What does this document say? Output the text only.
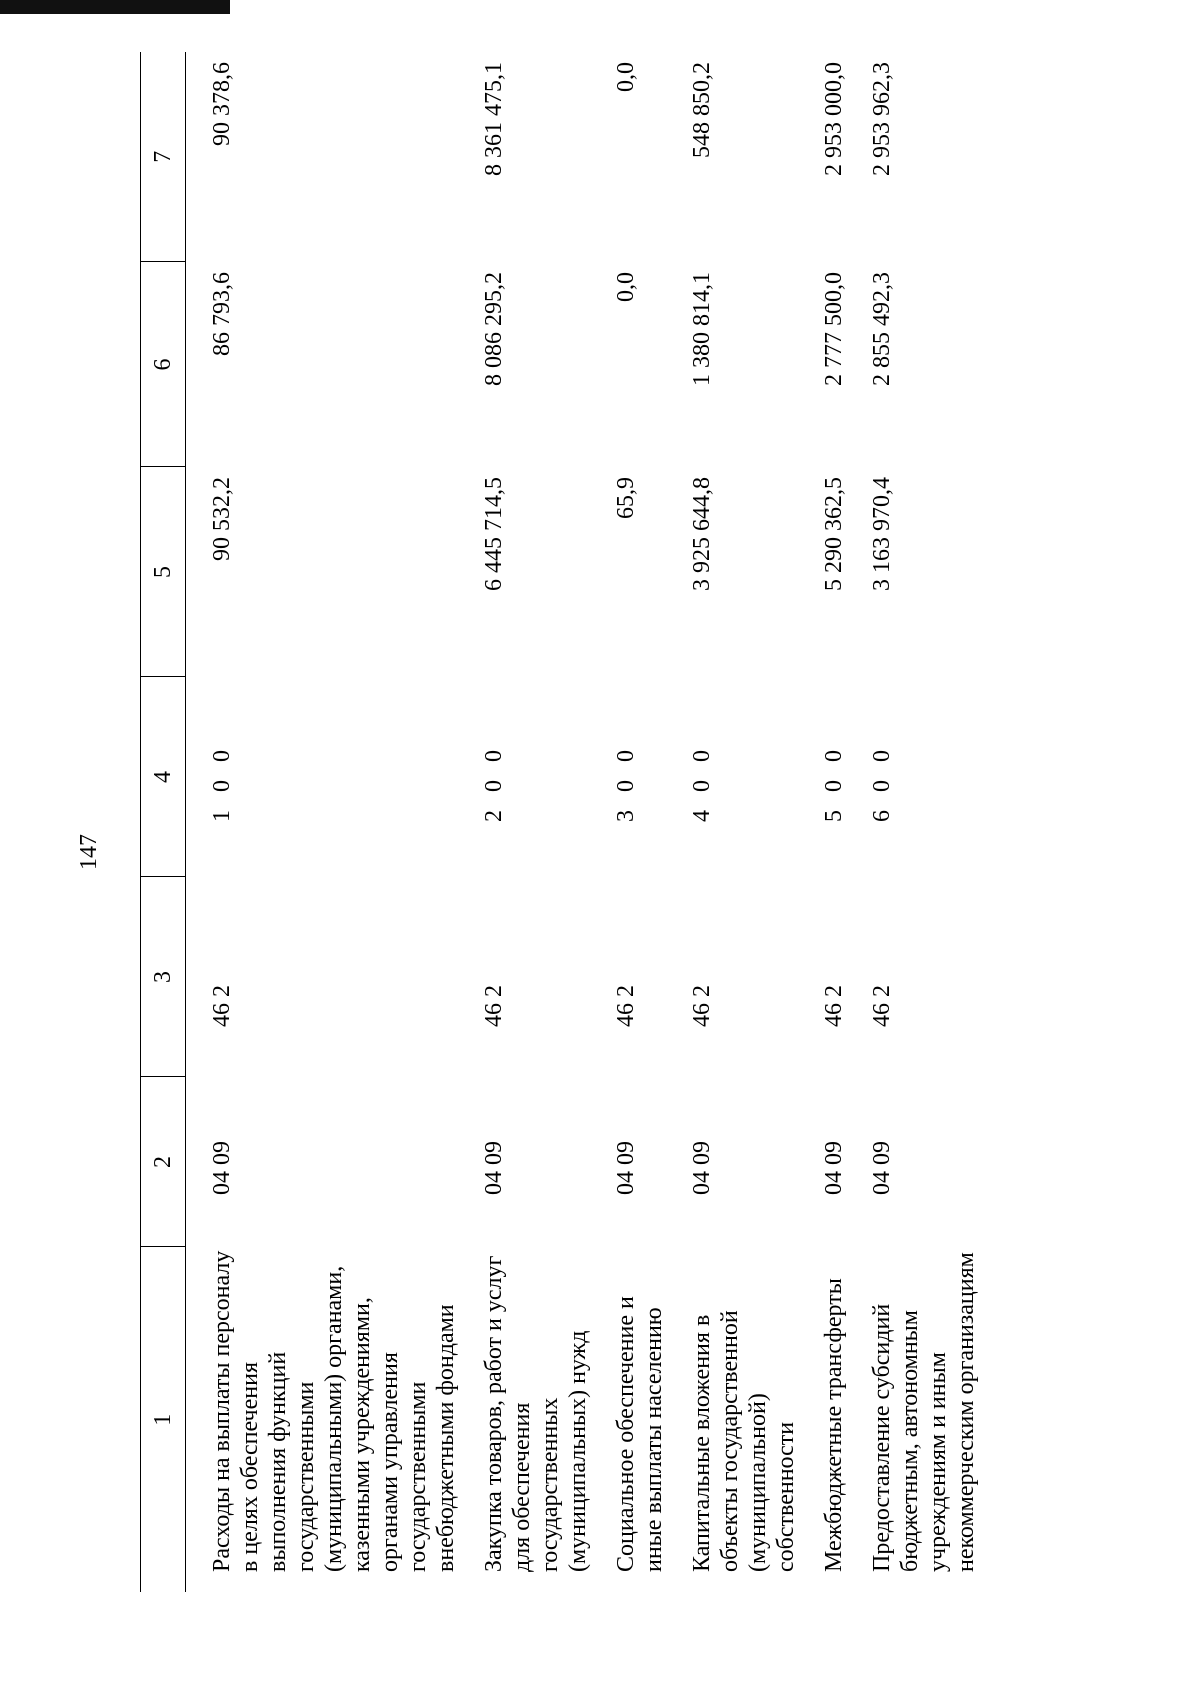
147
1	2	3	4	5	6	7
Расходы на выплаты персоналу в целях обеспечения выполнения функций государственными (муниципальными) органами, казенными учреждениями, органами управления государственными внебюджетными фондами	04 09	46 2	1 0 0	90 532,2	86 793,6	90 378,6
Закупка товаров, работ и услуг для обеспечения государственных (муниципальных) нужд	04 09	46 2	2 0 0	6 445 714,5	8 086 295,2	8 361 475,1
Социальное обеспечение и иные выплаты населению	04 09	46 2	3 0 0	65,9	0,0	0,0
Капитальные вложения в объекты государственной (муниципальной) собственности	04 09	46 2	4 0 0	3 925 644,8	1 380 814,1	548 850,2
Межбюджетные трансферты	04 09	46 2	5 0 0	5 290 362,5	2 777 500,0	2 953 000,0
Предоставление субсидий бюджетным, автономным учреждениям и иным некоммерческим организациям	04 09	46 2	6 0 0	3 163 970,4	2 855 492,3	2 953 962,3
